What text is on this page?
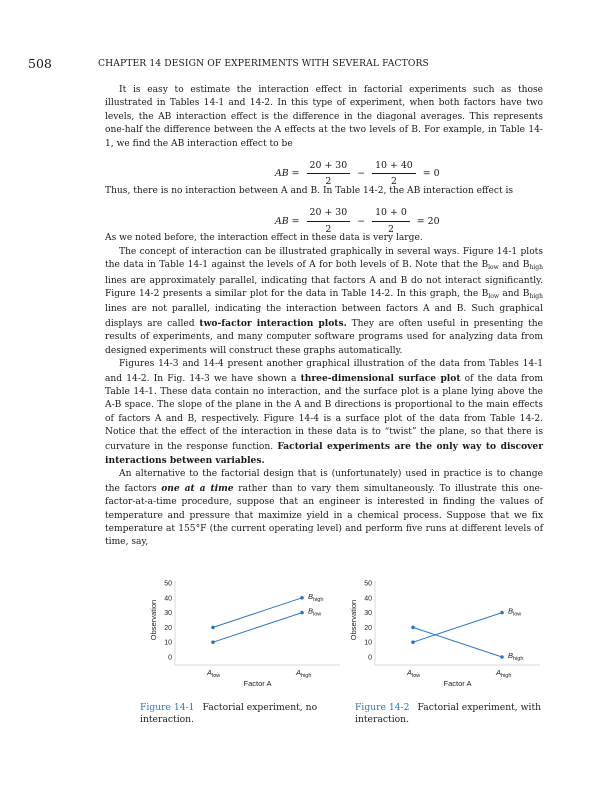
508	CHAPTER 14 DESIGN OF EXPERIMENTS WITH SEVERAL FACTORS

It is easy to estimate the interaction effect in factorial experiments such as those illustrated in Tables 14-1 and 14-2. In this type of experiment, when both factors have two levels, the AB interaction effect is the difference in the diagonal averages. This represents one-half the difference between the A effects at the two levels of B. For example, in Table 14-1, we find the AB interaction effect to be

AB = $\frac{20 + 30}{2} - \frac{10 + 40}{2} = 0$

Thus, there is no interaction between A and B. In Table 14-2, the AB interaction effect is

AB = $\frac{20 + 30}{2} - \frac{10 + 0}{2} = 20$

As we noted before, the interaction effect in these data is very large.

The concept of interaction can be illustrated graphically in several ways. Figure 14-1 plots the data in Table 14-1 against the levels of A for both levels of B. Note that the $B_{low}$ and $B_{high}$ lines are approximately parallel, indicating that factors A and B do not interact significantly. Figure 14-2 presents a similar plot for the data in Table 14-2. In this graph, the $B_{low}$ and $B_{high}$ lines are not parallel, indicating the interaction between factors A and B. Such graphical displays are called two-factor interaction plots. They are often useful in presenting the results of experiments, and many computer software programs used for analyzing data from designed experiments will construct these graphs automatically.

Figures 14-3 and 14-4 present another graphical illustration of the data from Tables 14-1 and 14-2. In Fig. 14-3 we have shown a three-dimensional surface plot of the data from Table 14-1. These data contain no interaction, and the surface plot is a plane lying above the A-B space. The slope of the plane in the A and B directions is proportional to the main effects of factors A and B, respectively. Figure 14-4 is a surface plot of the data from Table 14-2. Notice that the effect of the interaction in these data is to “twist” the plane, so that there is curvature in the response function. Factorial experiments are the only way to discover interactions between variables.

An alternative to the factorial design that is (unfortunately) used in practice is to change the factors one at a time rather than to vary them simultaneously. To illustrate this one-factor-at-a-time procedure, suppose that an engineer is interested in finding the values of temperature and pressure that maximize yield in a chemical process. Suppose that we fix temperature at 155°F (the current operating level) and perform five runs at different levels of time, say,

0
10
20
30
40
50
Observation
$A_{low}$	$A_{high}$
Factor A
$B_{high}$
$B_{low}$
0
10
20
30
40
50
Observation
$A_{low}$	$A_{high}$
Factor A
$B_{low}$
$B_{high}$
Figure 14-1 Factorial experiment, no interaction.
Figure 14-2 Factorial experiment, with interaction.
